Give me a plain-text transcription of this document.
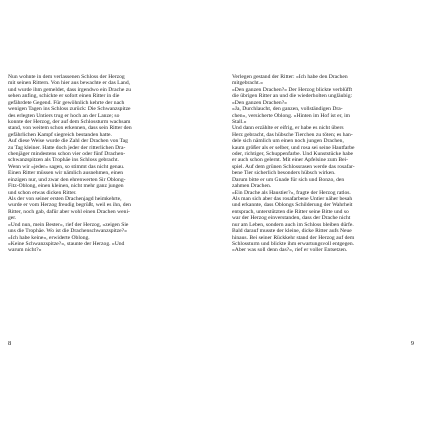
Nun wohnte in dem verlassenen Schloss der Herzog
mit seinen Rittern. Von hier aus bewachte er das Land,
und wurde ihm gemeldet, dass irgendwo ein Drache zu
sehen anfing, schickte er sofort einen Ritter in die
gefährdete Gegend. Für gewöhnlich kehrte der nach
wenigen Tagen ins Schloss zurück: Die Schwanzspitze
des erlegten Untiers trug er hoch an der Lanze; so
konnte der Herzog, der auf dem Schlossturm wachsam
stand, von weitem schon erkennen, dass sein Ritter den
gefährlichen Kampf siegreich bestanden hatte.
Auf diese Weise wurde die Zahl der Drachen von Tag
zu Tag kleiner. Hatte doch jeder der ritterlichen Dra-
chenjäger mindestens schon vier oder fünf Drachen-
schwanzspitzen als Trophäe ins Schloss gebracht.
Wenn wir »jeder« sagen, so stimmt das nicht genau.
Einen Ritter müssen wir nämlich ausnehmen, einen
einzigen nur, und zwar den ehrenwerten Sir Oblong-
Fitz-Oblong, einen kleinen, nicht mehr ganz jungen
und schon etwas dicken Ritter.
Als der von seiner ersten Drachenjagd heimkehrte,
wurde er vom Herzog freudig begrüßt, weil es ihn, den
Ritter, noch gab, dafür aber wohl einen Drachen weni-
ger.
»Und nun, mein Bester«, rief der Herzog, »zeigen Sie
uns die Trophäe. Wo ist die Drachenschwanzspitze?«
»Ich habe keine«, erwiderte Oblong.
»Keine Schwanzspitze?«, staunte der Herzog. »Und
warum nicht?«
8
Verlegen gestand der Ritter: »Ich habe den Drachen
mitgebracht.«
»Den ganzen Drachen?« Der Herzog blickte verblüfft
die übrigen Ritter an und die wiederholten ungläubig:
»Den ganzen Drachen?«
»Ja, Durchlaucht, den ganzen, vollständigen Dra-
chen«, versicherte Oblong. »Hinten im Hof ist er, im
Stall.«
Und dann erzählte er eifrig, er habe es nicht übers
Herz gebracht, das hübsche Tierchen zu töten; es han-
dele sich nämlich um einen noch jungen Drachen,
kaum größer als er selber, und rosa sei seine Hautfarbe
oder, richtiger, Schuppenfarbe. Und Kunststücke habe
er auch schon gelernt. Mit einer Apfelsine zum Bei-
spiel. Auf dem grünen Schlossrasen werde das rosafar-
bene Tier sicherlich besonders hübsch wirken.
Darum bitte er um Gnade für sich und Bonzo, den
zahmen Drachen.
»Ein Drache als Haustier?«, fragte der Herzog ratlos.
Als man sich aber das rosafarbene Untier näher besah
und erkannte, dass Oblongs Schilderung der Wahrheit
entsprach, unterstützten die Ritter seine Bitte und so
war der Herzog einverstanden, dass der Drache nicht
nur am Leben, sondern auch im Schloss bleiben dürfe.
Bald darauf musste der kleine, dicke Ritter aufs Neue
hinaus. Bei seiner Rückkehr stand der Herzog auf dem
Schlossturm und blickte ihm erwartungsvoll entgegen.
»Aber was soll denn das?«, rief er voller Entsetzen.
9
